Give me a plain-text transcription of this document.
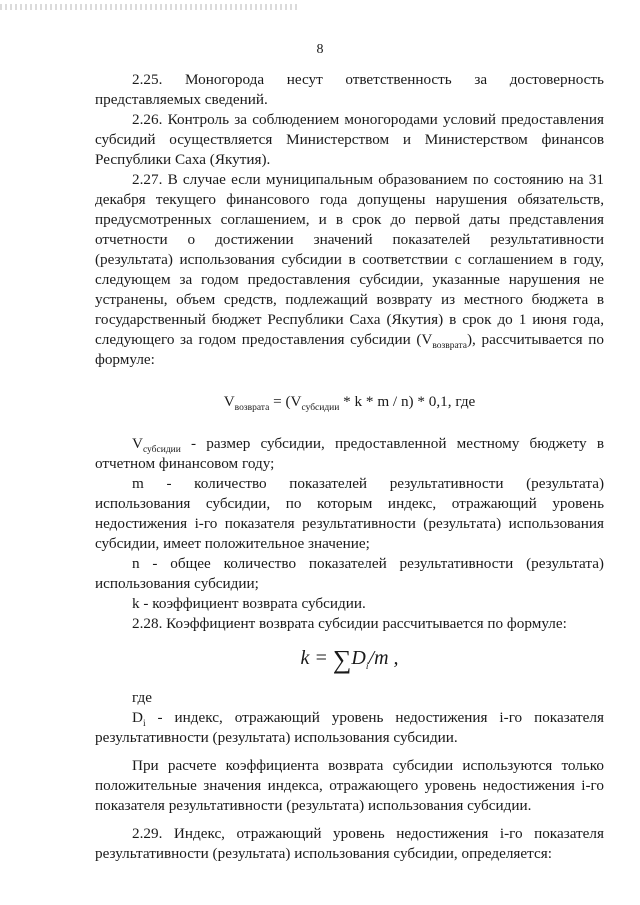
8

2.25. Моногорода несут ответственность за достоверность представляемых сведений.

2.26. Контроль за соблюдением моногородами условий предоставления субсидий осуществляется Министерством и Министерством финансов Республики Саха (Якутия).

2.27. В случае если муниципальным образованием по состоянию на 31 декабря текущего финансового года допущены нарушения обязательств, предусмотренных соглашением, и в срок до первой даты представления отчетности о достижении значений показателей результативности (результата) использования субсидии в соответствии с соглашением в году, следующем за годом предоставления субсидии, указанные нарушения не устранены, объем средств, подлежащий возврату из местного бюджета в государственный бюджет Республики Саха (Якутия) в срок до 1 июня года, следующего за годом предоставления субсидии $(V_{возврата})$, рассчитывается по формуле:

$V_{возврата} = (V_{субсидии} * k * m / n) * 0,1$, где

$V_{субсидии}$ - размер субсидии, предоставленной местному бюджету в отчетном финансовом году;

m - количество показателей результативности (результата) использования субсидии, по которым индекс, отражающий уровень недостижения i-го показателя результативности (результата) использования субсидии, имеет положительное значение;

n - общее количество показателей результативности (результата) использования субсидии;

k - коэффициент возврата субсидии.

2.28. Коэффициент возврата субсидии рассчитывается по формуле:

$k = \sum D_i/m$ ,

где

$D_i$ - индекс, отражающий уровень недостижения i-го показателя результативности (результата) использования субсидии.

При расчете коэффициента возврата субсидии используются только положительные значения индекса, отражающего уровень недостижения i-го показателя результативности (результата) использования субсидии.

2.29. Индекс, отражающий уровень недостижения i-го показателя результативности (результата) использования субсидии, определяется:
